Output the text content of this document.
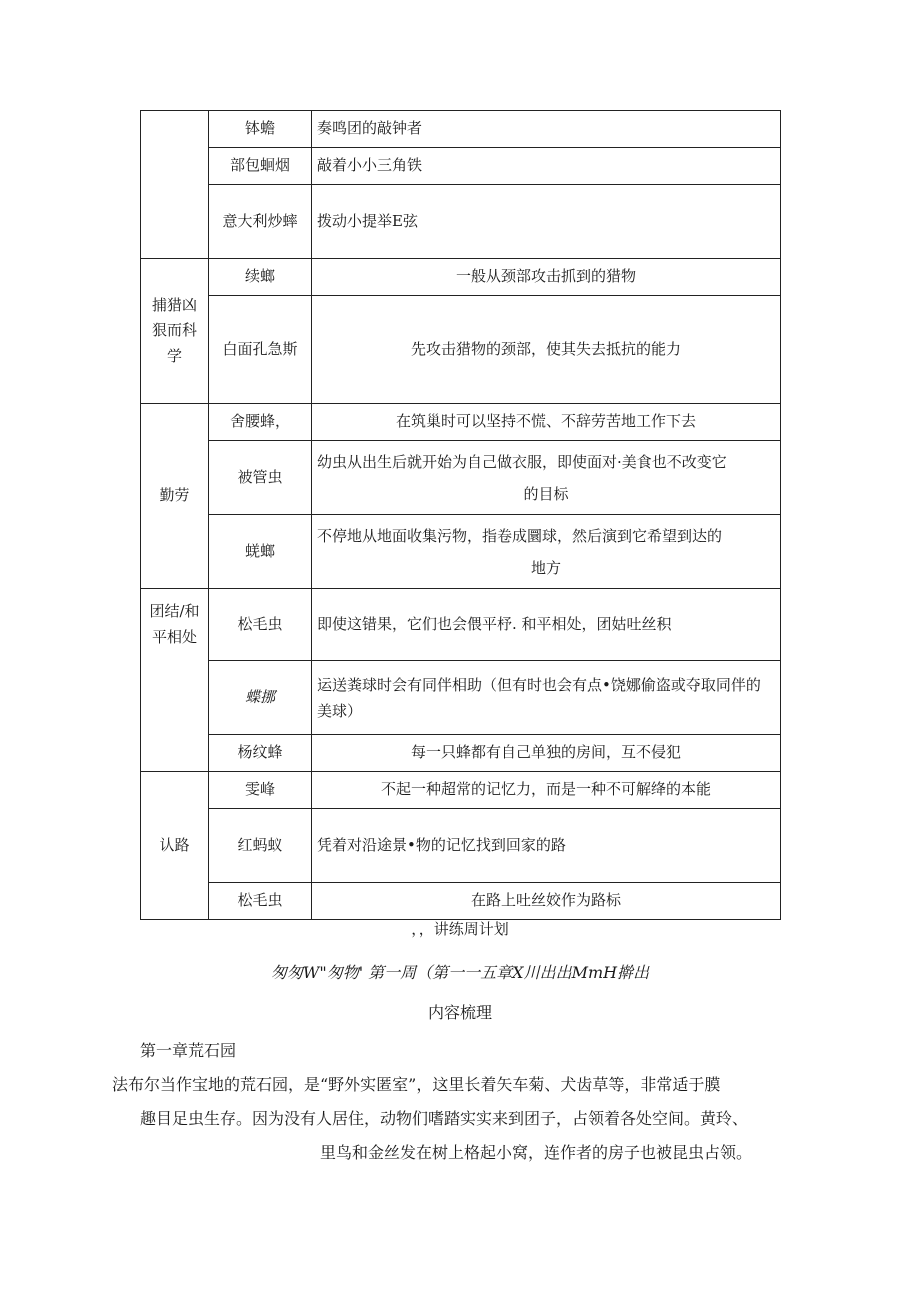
	钵蟾	奏鸣团的敲钟者
	部包蛔烟	敲着小小三角铁
	意大利炒蟀	拨动小提举E弦
捕猎凶狠而科学	续螂	一般从颈部攻击抓到的猎物
	白面孔急斯	先攻击猎物的颈部，使其失去抵抗的能力
勤劳	舍腰蜂，	在筑巢时可以坚持不慌、不辞劳苦地工作下去
	被管虫	幼虫从出生后就开始为自己做衣服，即使面对·美食也不改变它
的目标

	蜣螂	不停地从地面收集污物，指卷成圜球，然后演到它希望到达的
地方

团结/和平相处	松毛虫	即使这错果，它们也会偎平杼. 和平相处，团姑吐丝积
	蝶挪	运送粪球时会有同伴相助（但有时也会有点•饶娜偷盗或夺取同伴的美球）
	杨纹蜂	每一只蜂都有自己单独的房间，互不侵犯
认路	雯峰	不起一种超常的记忆力，而是一种不可解绛的本能
	红蚂蚁	凭着对沿途景•物的记忆找到回家的路
	松毛虫	在路上吐丝姣作为路标
，，讲练周计划
匆匆W"匆物' 第一周（第一一五章X川出出MmH擀出
内容梳理
第一章荒石园
法布尔当作宝地的荒石园，是“野外实匿室”，这里长着矢车菊、犬齿草等，非常适于膜
趣目足虫生存。因为没有人居住，动物们嗜踏实实来到团子，占领着各处空间。黄玲、
里鸟和金丝发在树上格起小窝，连作者的房子也被昆虫占领。
